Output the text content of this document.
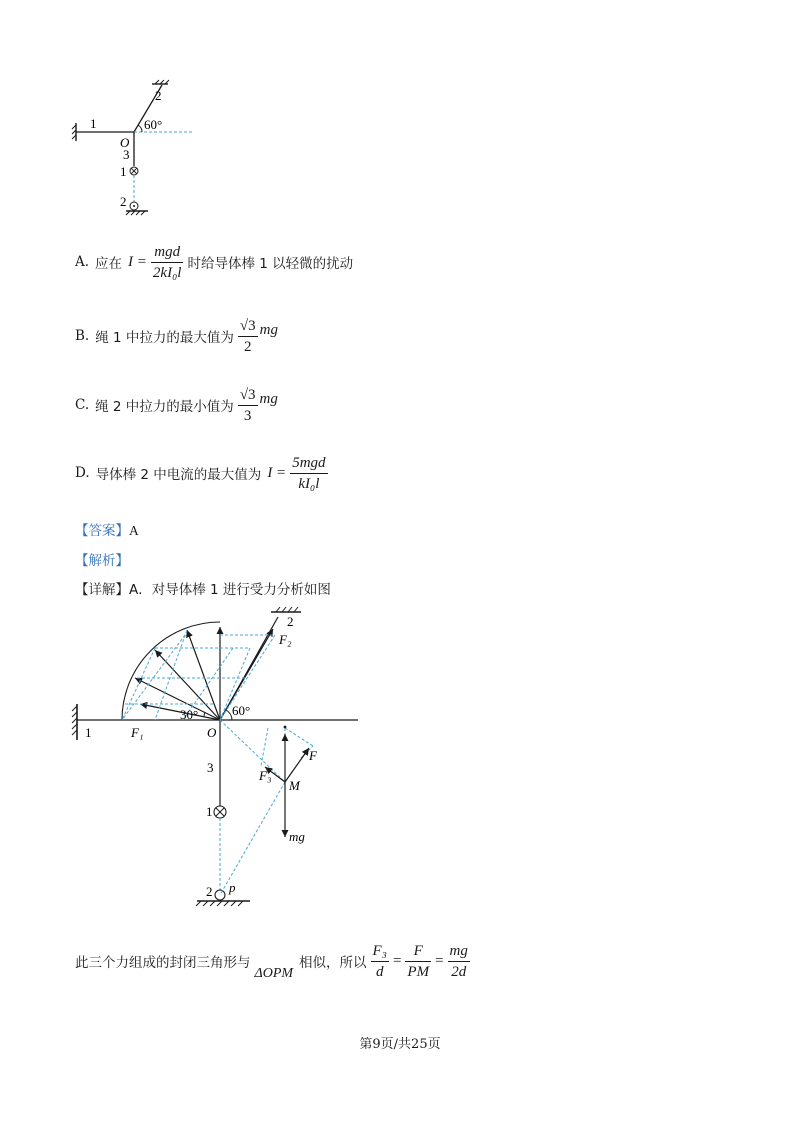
1
2
60°
O
3
1
2
A. 应在 $I = \frac{\text{mgd}}{\text{2kI₀l}}$ 时给导体棒 1 以轻微的扰动
B. 绳 1 中拉力的最大值为 $\frac{√3}{2}$ mg
C. 绳 2 中拉力的最小值为 $\frac{√3}{3}$ mg
D. 导体棒 2 中电流的最大值为 $I = \frac{\text{5mgd}}{\text{kI₀l}}$
【答案】A
【解析】
【详解】A．对导体棒 1 进行受力分析如图
1	F₁	O
30°	60°
2
F₂
3
F₃
F
M
mg
1
2 p
此三个力组成的封闭三角形与
ΔOPM
相似，所以 $\frac{\text{F₃}}{d} = \frac{F}{PM} = \frac{mg}{2d}$
第9页/共25页
